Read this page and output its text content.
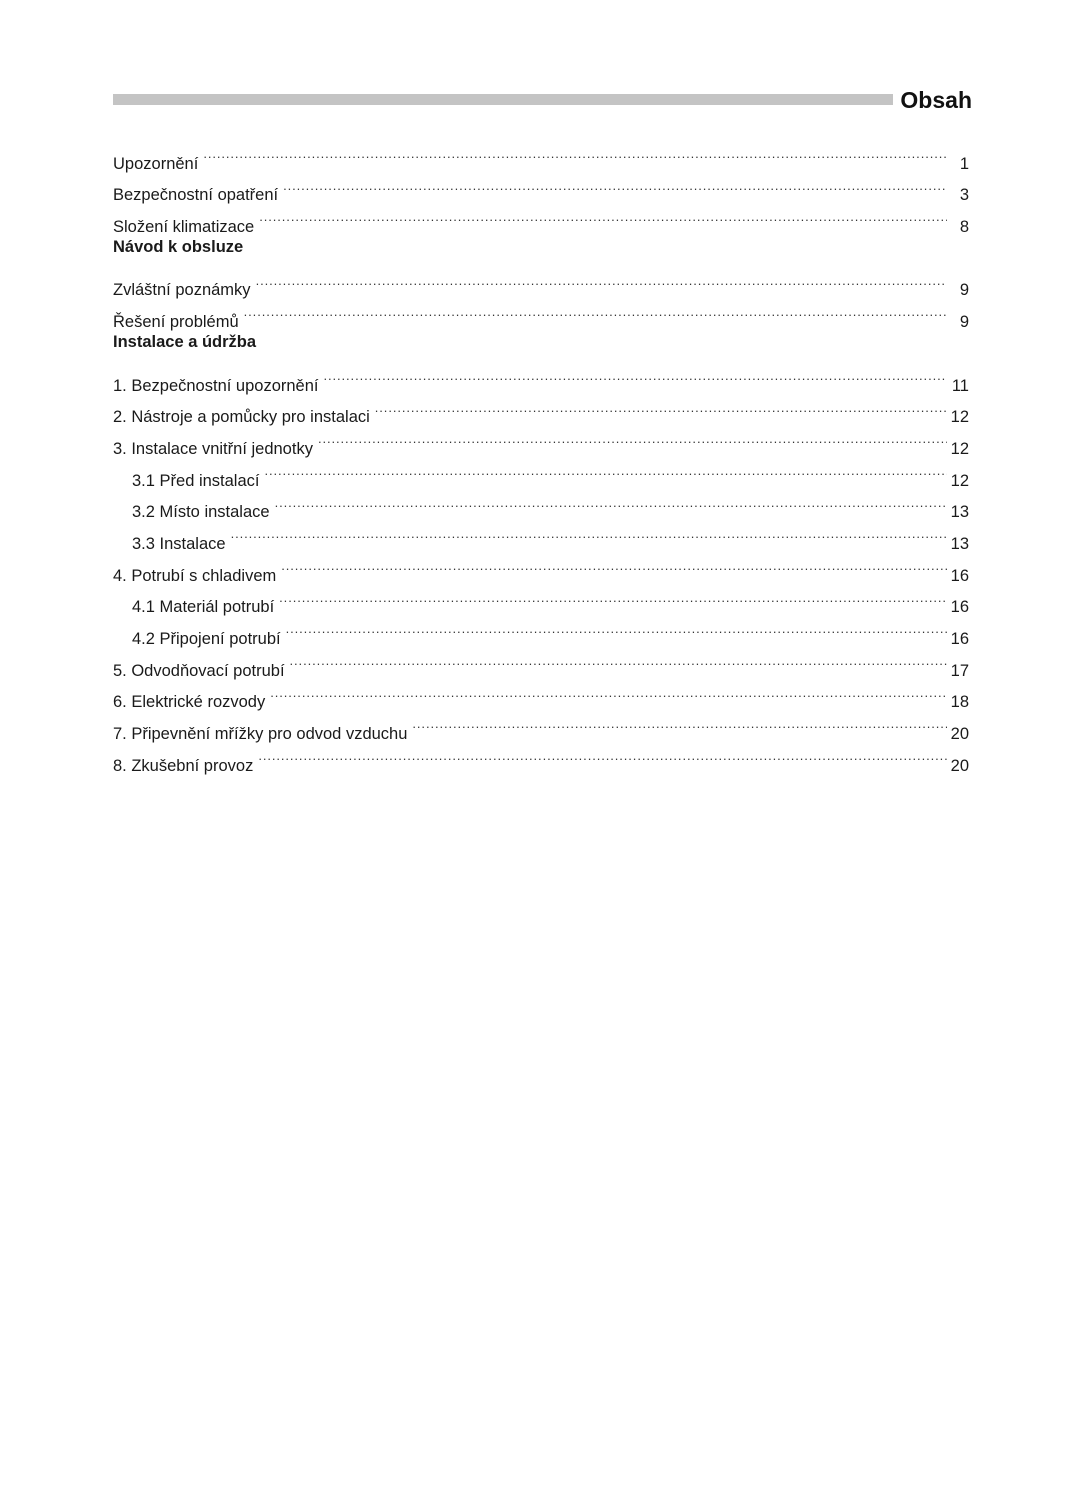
Obsah
Upozornění .....	1
Bezpečnostní opatření .....	3
Složení klimatizace .....	8
Návod k obsluze
Zvláštní poznámky .....	9
Řešení problémů .....	9
Instalace a údržba
1. Bezpečnostní upozornění .....	11
2. Nástroje a pomůcky pro instalaci .....	12
3. Instalace vnitřní jednotky .....	12
3.1 Před instalací .....	12
3.2 Místo instalace .....	13
3.3 Instalace .....	13
4. Potrubí s chladivem .....	16
4.1 Materiál potrubí .....	16
4.2 Připojení potrubí .....	16
5. Odvodňovací potrubí .....	17
6. Elektrické rozvody .....	18
7. Připevnění mřížky pro odvod vzduchu .....	20
8. Zkušební provoz .....	20
